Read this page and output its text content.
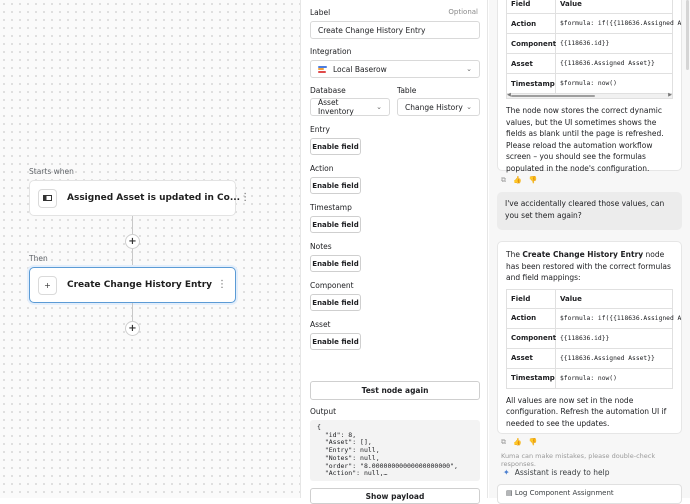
Starts when
Assigned Asset is updated in Co... ⋮
+
Then
+	Create Change History Entry ⋮
+
Label	Optional
Create Change History Entry
Integration
Local Baserow	⌄
Database	Table
Asset Inventory	⌄	Change History ⌄
Entry
Enable field
Action
Enable field
Timestamp
Enable field
Notes
Enable field
Component
Enable field
Asset
Enable field
Test node again
Output
{
"id": 8,
"Asset": [],
"Entry": null,
"Notes": null,
"order": "8.00000000000000000000",
"Action": null,…
Show payload
Field	Value
Action	$formula: if({{118636.Assigned A
Component	{{118636.id}}
Asset	{{118636.Assigned Asset}}
Timestamp	$formula: now()
◀	▶
The node now stores the correct dynamic values, but the UI sometimes shows the fields as blank until the page is refreshed. Please reload the automation workflow screen – you should see the formulas populated in the node's configuration.
⧉ 👍 👎
I've accidentally cleared those values, can you set them again?
The Create Change History Entry node has been restored with the correct formulas and field mappings:
Field	Value
Action	$formula: if({{118636.Assigned A
Component	{{118636.id}}
Asset	{{118636.Assigned Asset}}
Timestamp	$formula: now()
All values are now set in the node configuration. Refresh the automation UI if needed to see the updates.
⧉ 👍 👎
Kuma can make mistakes, please double-check responses.
✦ Assistant is ready to help
▤ Log Component Assignment
